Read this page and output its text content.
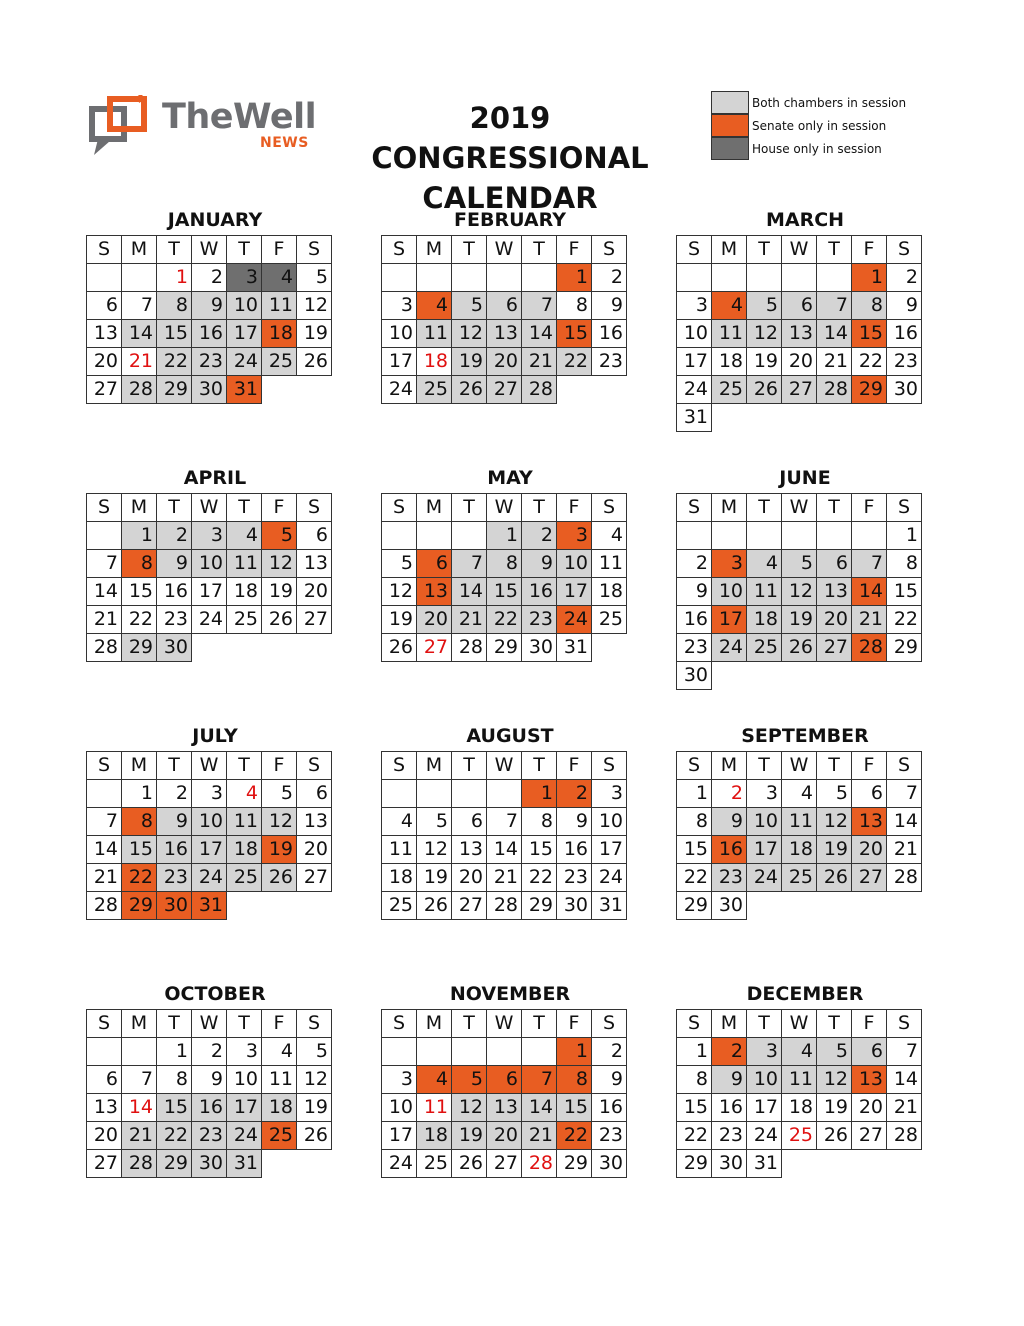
TheWell
NEWS
2019 CONGRESSIONAL
CALENDAR
Both chambers in session
Senate only in session
House only in session
JANUARY
S	M	T	W	T	F	S
		1	2	3	4	5
6	7	8	9	10	11	12
13	14	15	16	17	18	19
20	21	22	23	24	25	26
27	28	29	30	31		
FEBRUARY
S	M	T	W	T	F	S
					1	2
3	4	5	6	7	8	9
10	11	12	13	14	15	16
17	18	19	20	21	22	23
24	25	26	27	28		
MARCH
S	M	T	W	T	F	S
					1	2
3	4	5	6	7	8	9
10	11	12	13	14	15	16
17	18	19	20	21	22	23
24	25	26	27	28	29	30
31						
APRIL
S	M	T	W	T	F	S
	1	2	3	4	5	6
7	8	9	10	11	12	13
14	15	16	17	18	19	20
21	22	23	24	25	26	27
28	29	30				
MAY
S	M	T	W	T	F	S
			1	2	3	4
5	6	7	8	9	10	11
12	13	14	15	16	17	18
19	20	21	22	23	24	25
26	27	28	29	30	31	
JUNE
S	M	T	W	T	F	S
						1
2	3	4	5	6	7	8
9	10	11	12	13	14	15
16	17	18	19	20	21	22
23	24	25	26	27	28	29
30						
JULY
S	M	T	W	T	F	S
	1	2	3	4	5	6
7	8	9	10	11	12	13
14	15	16	17	18	19	20
21	22	23	24	25	26	27
28	29	30	31			
AUGUST
S	M	T	W	T	F	S
				1	2	3
4	5	6	7	8	9	10
11	12	13	14	15	16	17
18	19	20	21	22	23	24
25	26	27	28	29	30	31
SEPTEMBER
S	M	T	W	T	F	S
1	2	3	4	5	6	7
8	9	10	11	12	13	14
15	16	17	18	19	20	21
22	23	24	25	26	27	28
29	30					
OCTOBER
S	M	T	W	T	F	S
		1	2	3	4	5
6	7	8	9	10	11	12
13	14	15	16	17	18	19
20	21	22	23	24	25	26
27	28	29	30	31		
NOVEMBER
S	M	T	W	T	F	S
					1	2
3	4	5	6	7	8	9
10	11	12	13	14	15	16
17	18	19	20	21	22	23
24	25	26	27	28	29	30
DECEMBER
S	M	T	W	T	F	S
1	2	3	4	5	6	7
8	9	10	11	12	13	14
15	16	17	18	19	20	21
22	23	24	25	26	27	28
29	30	31				
